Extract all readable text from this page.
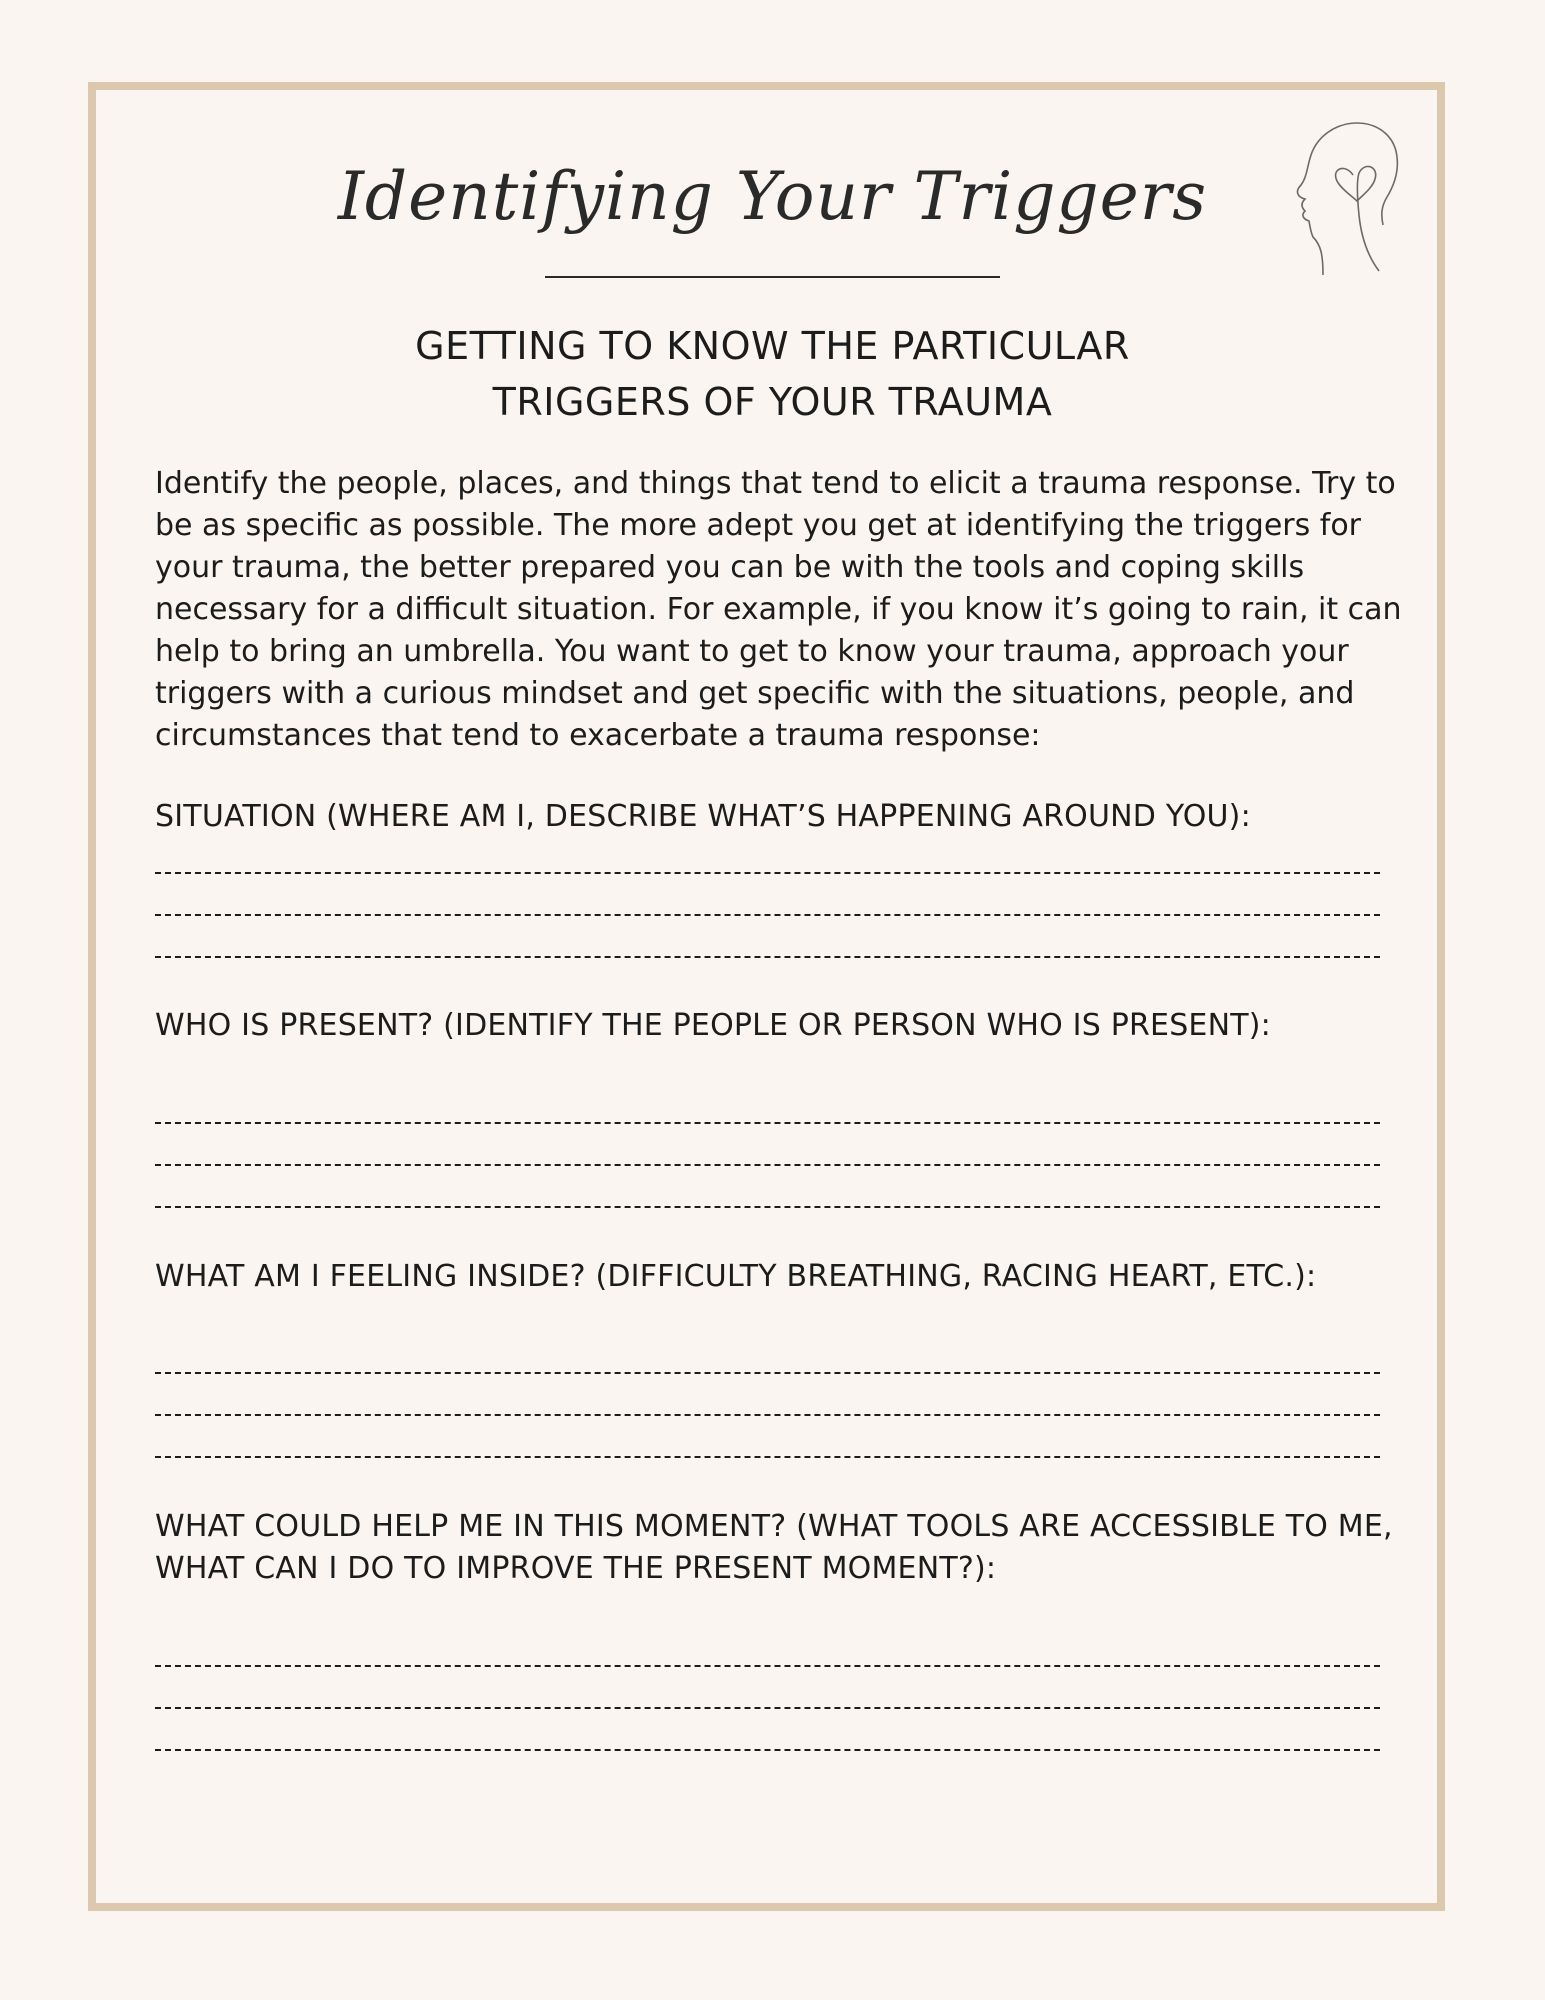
Identifying Your Triggers
GETTING TO KNOW THE PARTICULAR
TRIGGERS OF YOUR TRAUMA

Identify the people, places, and things that tend to elicit a trauma response. Try to
be as specific as possible. The more adept you get at identifying the triggers for
your trauma, the better prepared you can be with the tools and coping skills
necessary for a difficult situation. For example, if you know it’s going to rain, it can
help to bring an umbrella. You want to get to know your trauma, approach your
triggers with a curious mindset and get specific with the situations, people, and
circumstances that tend to exacerbate a trauma response:

SITUATION (WHERE AM I, DESCRIBE WHAT’S HAPPENING AROUND YOU):

WHO IS PRESENT? (IDENTIFY THE PEOPLE OR PERSON WHO IS PRESENT):

WHAT AM I FEELING INSIDE? (DIFFICULTY BREATHING, RACING HEART, ETC.):

WHAT COULD HELP ME IN THIS MOMENT? (WHAT TOOLS ARE ACCESSIBLE TO ME,
WHAT CAN I DO TO IMPROVE THE PRESENT MOMENT?):
